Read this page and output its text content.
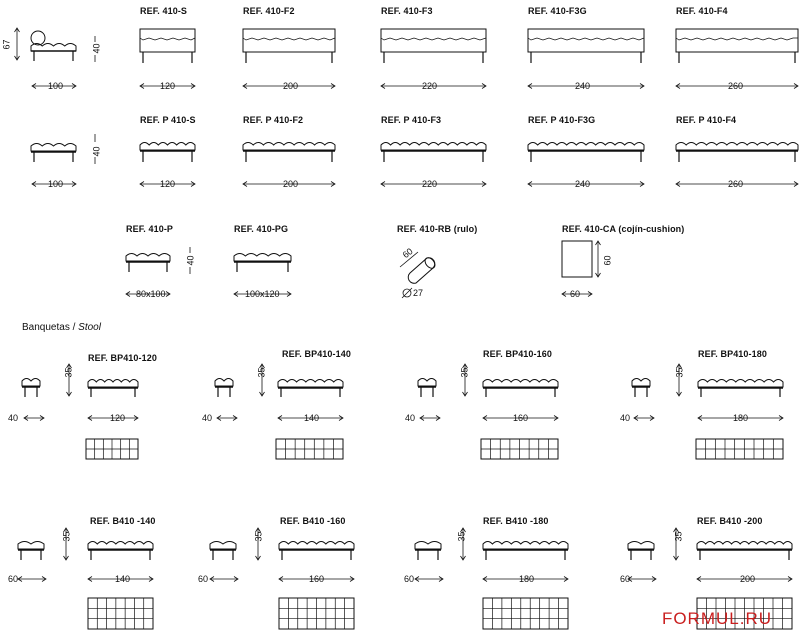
67	40
100
REF. 410-S
120
REF. 410-F2
200
REF. 410-F3
220
REF. 410-F3G
240
REF. 410-F4
260
40
100
REF. P 410-S
120
REF. P 410-F2
200
REF. P 410-F3
220
REF. P 410-F3G
240
REF. P 410-F4
260
REF. 410-P
80x100
40
REF. 410-PG
100x120
REF. 410-RB (rulo)
60
27
REF. 410-CA (cojín-cushion)
60
60
Banquetas / Stool
REF. BP410-120	REF. BP410-140	REF. BP410-160	REF. BP410-180
35	35	35	35
40	40	40	40
120	140	160	180
REF. B410 -140	REF. B410 -160	REF. B410 -180	REF. B410 -200
35	35	35	35
60	60	60	60
140	160	180	200
FORMUL.RU
